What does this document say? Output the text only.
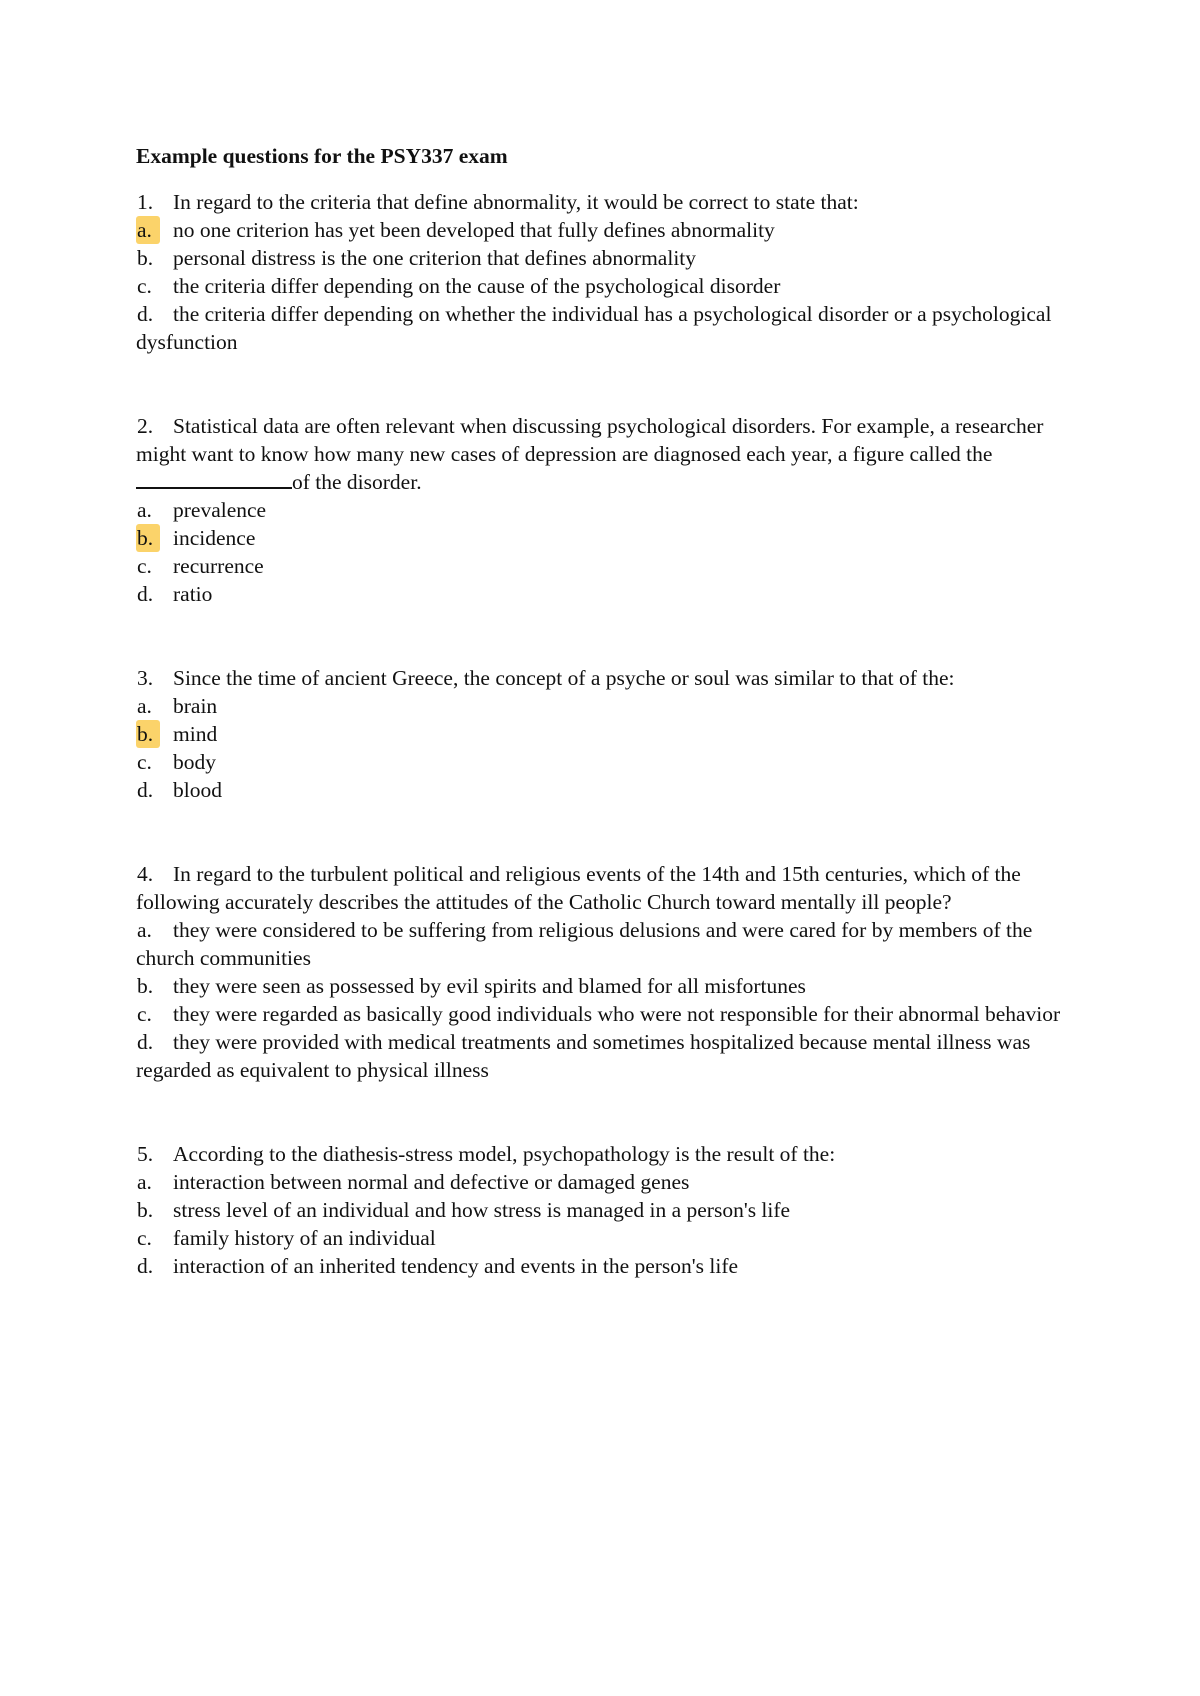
Example questions for the PSY337 exam
1. In regard to the criteria that define abnormality, it would be correct to state that:
a. no one criterion has yet been developed that fully defines abnormality
b. personal distress is the one criterion that defines abnormality
c. the criteria differ depending on the cause of the psychological disorder
d. the criteria differ depending on whether the individual has a psychological disorder or a psychological dysfunction
2. Statistical data are often relevant when discussing psychological disorders. For example, a researcher might want to know how many new cases of depression are diagnosed each year, a figure called theof the disorder.
a. prevalence
b. incidence
c. recurrence
d. ratio
3. Since the time of ancient Greece, the concept of a psyche or soul was similar to that of the:
a. brain
b. mind
c. body
d. blood
4. In regard to the turbulent political and religious events of the 14th and 15th centuries, which of the following accurately describes the attitudes of the Catholic Church toward mentally ill people?
a. they were considered to be suffering from religious delusions and were cared for by members of the church communities
b. they were seen as possessed by evil spirits and blamed for all misfortunes
c. they were regarded as basically good individuals who were not responsible for their abnormal behavior
d. they were provided with medical treatments and sometimes hospitalized because mental illness was regarded as equivalent to physical illness
5. According to the diathesis-stress model, psychopathology is the result of the:
a. interaction between normal and defective or damaged genes
b. stress level of an individual and how stress is managed in a person's life
c. family history of an individual
d. interaction of an inherited tendency and events in the person's life
